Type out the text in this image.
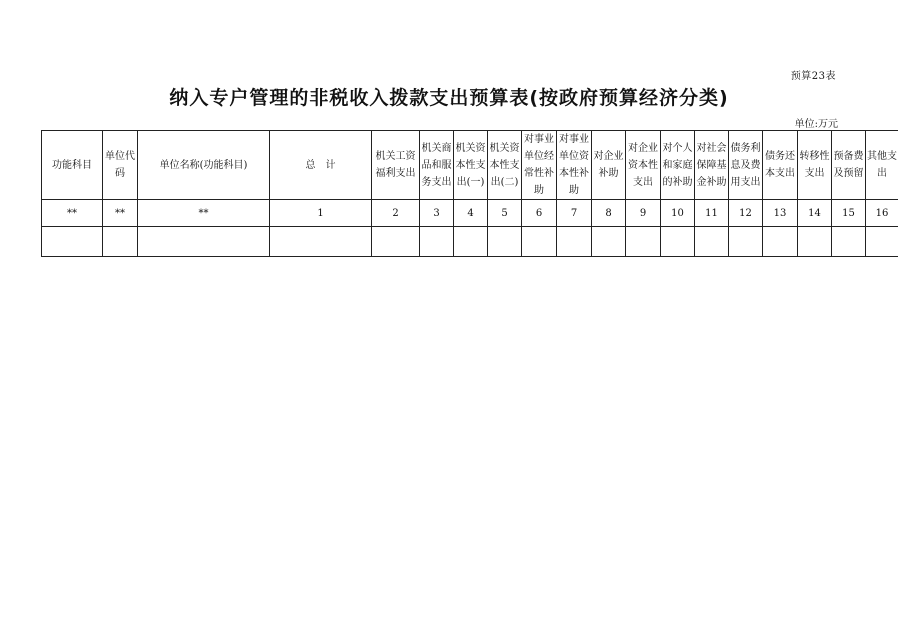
预算23表
纳入专户管理的非税收入拨款支出预算表(按政府预算经济分类)
单位:万元
功能科目	单位代
码	单位名称(功能科目)	总　计	机关工资
福利支出	机关商
品和服
务支出	机关资
本性支
出(一)	机关资
本性支
出(二)	对事业
单位经
常性补
助	对事业
单位资
本性补
助	对企业
补助	对企业
资本性
支出	对个人
和家庭
的补助	对社会
保障基
金补助	债务利
息及费
用支出	债务还
本支出	转移性
支出	预备费
及预留	其他支
出
**	**	**	1	2	3	4	5	6	7	8	9	10	11	12	13	14	15	16
